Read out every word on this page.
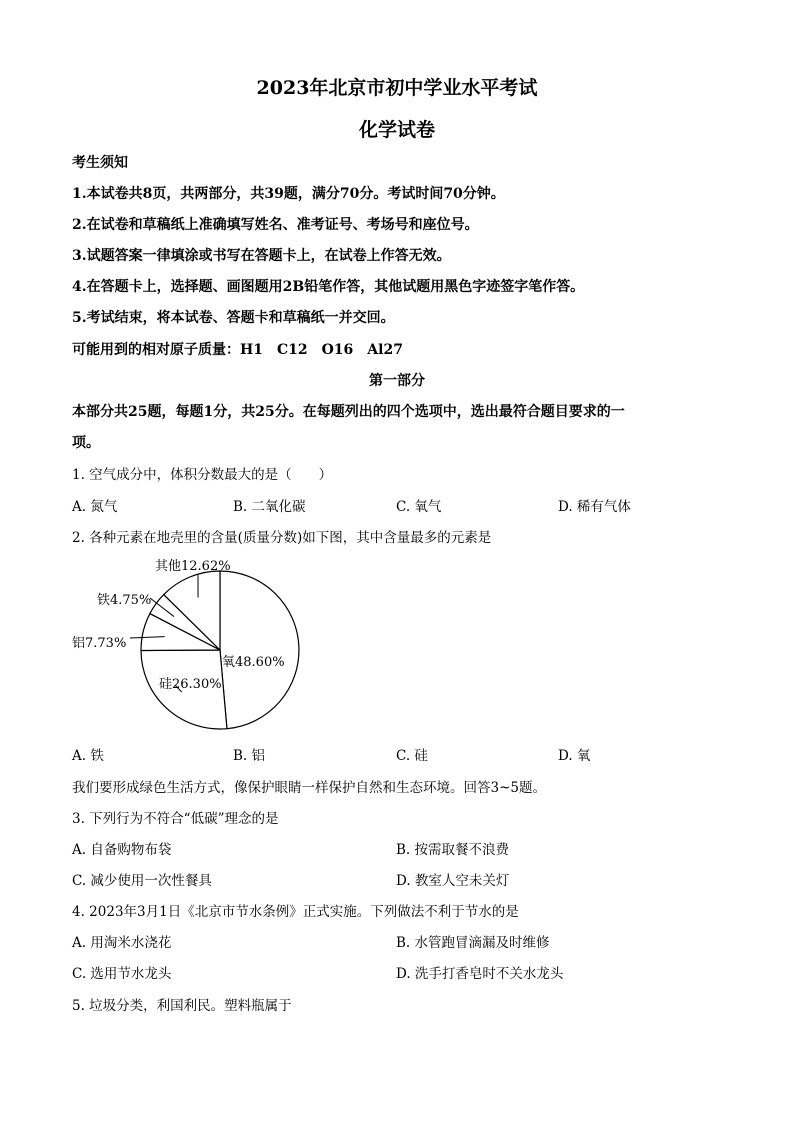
2023年北京市初中学业水平考试
化学试卷
考生须知
1.本试卷共8页，共两部分，共39题，满分70分。考试时间70分钟。
2.在试卷和草稿纸上准确填写姓名、准考证号、考场号和座位号。
3.试题答案一律填涂或书写在答题卡上，在试卷上作答无效。
4.在答题卡上，选择题、画图题用2B铅笔作答，其他试题用黑色字迹签字笔作答。
5.考试结束，将本试卷、答题卡和草稿纸一并交回。
可能用到的相对原子质量：H1　C12　O16　Al27
第一部分
本部分共25题，每题1分，共25分。在每题列出的四个选项中，选出最符合题目要求的一
项。
1. 空气成分中，体积分数最大的是（　　）
A. 氮气	B. 二氧化碳	C. 氧气	D. 稀有气体
2. 各种元素在地壳里的含量(质量分数)如下图，其中含量最多的元素是
氧48.60%
硅26.30%
铝7.73%
铁4.75%
其他12.62%
A. 铁	B. 铝	C. 硅	D. 氧
我们要形成绿色生活方式，像保护眼睛一样保护自然和生态环境。回答3~5题。
3. 下列行为不符合“低碳”理念的是
A. 自备购物布袋	B. 按需取餐不浪费
C. 减少使用一次性餐具	D. 教室人空未关灯
4. 2023年3月1日《北京市节水条例》正式实施。下列做法不利于节水的是
A. 用淘米水浇花	B. 水管跑冒滴漏及时维修
C. 选用节水龙头	D. 洗手打香皂时不关水龙头
5. 垃圾分类，利国利民。塑料瓶属于
